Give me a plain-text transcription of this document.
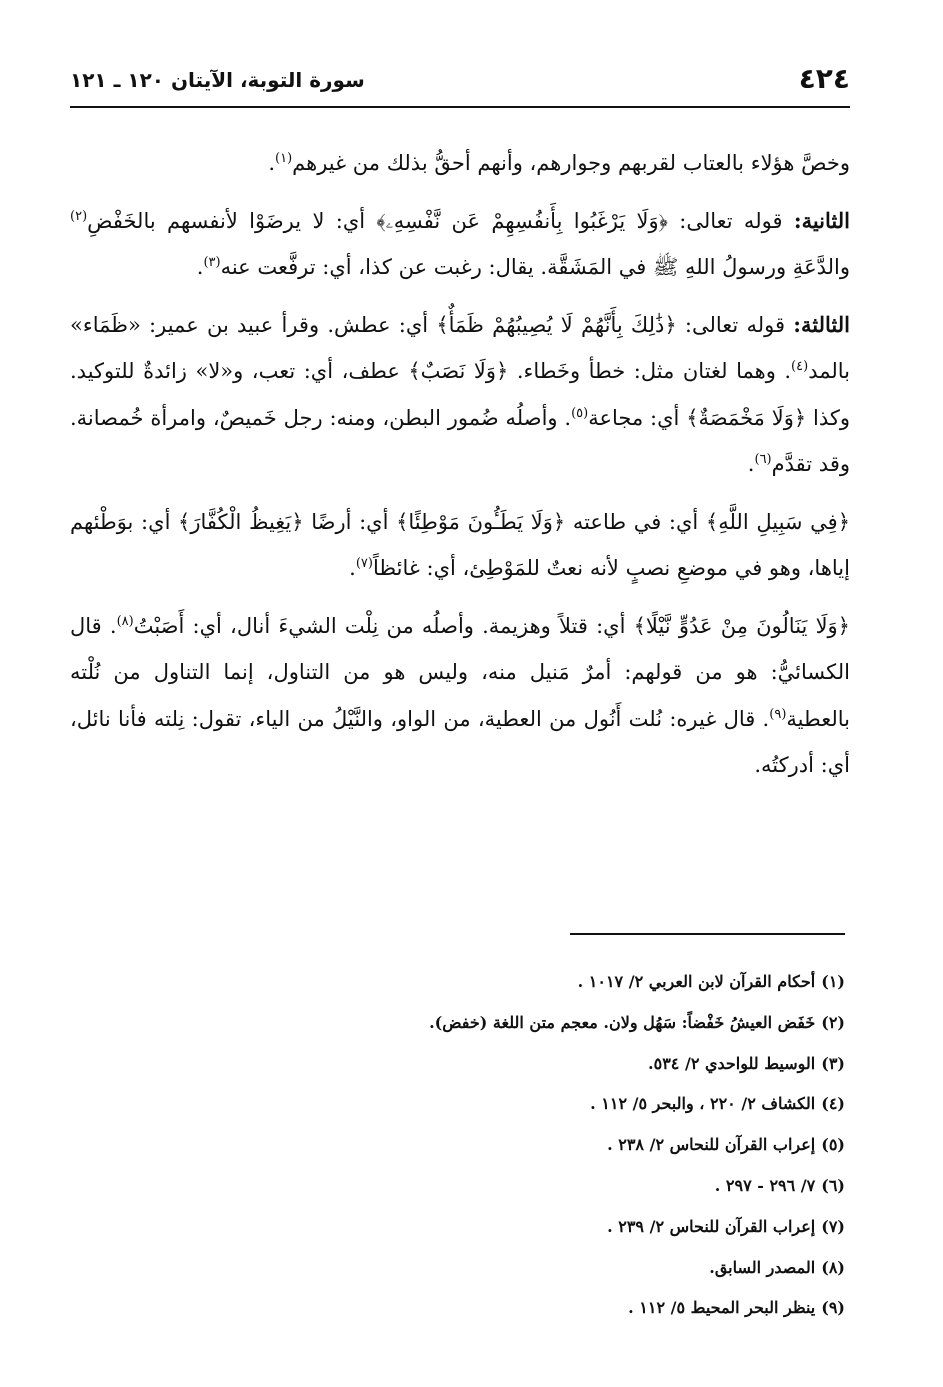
٤٢٤
سورة التوبة، الآيتان ١٢٠ ـ ١٢١

وخصَّ هؤلاء بالعتاب لقربهم وجوارهم، وأنهم أحقُّ بذلك من غيرهم$^{(١)}$.

الثانية: قوله تعالى: ﴿وَلَا يَرْغَبُوا بِأَنفُسِهِمْ عَن نَّفْسِهِۦ﴾ أي: لا يرضَوْا لأنفسهم بالخَفْضِ$^{(٢)}$ والدَّعَةِ ورسولُ اللهِ ﷺ في المَشَقَّة. يقال: رغبت عن كذا، أي: ترفَّعت عنه$^{(٣)}$.

الثالثة: قوله تعالى: ﴿ذَٰلِكَ بِأَنَّهُمْ لَا يُصِيبُهُمْ ظَمَأٌ﴾ أي: عطش. وقرأ عبيد بن عمير: «ظَمَاء» بالمد$^{(٤)}$. وهما لغتان مثل: خطأ وخَطاء. ﴿وَلَا نَصَبٌ﴾ عطف، أي: تعب، و«لا» زائدةٌ للتوكيد. وكذا ﴿وَلَا مَخْمَصَةٌ﴾ أي: مجاعة$^{(٥)}$. وأصلُه ضُمور البطن، ومنه: رجل خَميصٌ، وامرأة خُمصانة. وقد تقدَّم$^{(٦)}$.

﴿فِي سَبِيلِ اللَّهِ﴾ أي: في طاعته ﴿وَلَا يَطَـُٔونَ مَوْطِئًا﴾ أي: أرضًا ﴿يَغِيظُ الْكُفَّارَ﴾ أي: بوَطْئهم إياها، وهو في موضعِ نصبٍ لأنه نعتٌ للمَوْطِئ، أي: غائظاً$^{(٧)}$.

﴿وَلَا يَنَالُونَ مِنْ عَدُوٍّ نَّيْلًا﴾ أي: قتلاً وهزيمة. وأصلُه من نِلْت الشيءَ أنال، أي: أَصَبْتُ$^{(٨)}$. قال الكسائيُّ: هو من قولهم: أمرٌ مَنيل منه، وليس هو من التناول، إنما التناول من نُلْته بالعطية$^{(٩)}$. قال غيره: نُلت أَنُول من العطية، من الواو، والنَّيْلُ من الياء، تقول: نِلته فأنا نائل، أي: أدركتُه.

(١)أحكام القرآن لابن العربي ٢/ ١٠١٧ .
(٢)خَفَض العيشُ خَفْضاً: سَهُل ولان. معجم متن اللغة (خفض).
(٣)الوسيط للواحدي ٢/ ٥٣٤.
(٤)الكشاف ٢/ ٢٢٠ ، والبحر ٥/ ١١٢ .
(٥)إعراب القرآن للنحاس ٢/ ٢٣٨ .
(٦)٧/ ٢٩٦ - ٢٩٧ .
(٧)إعراب القرآن للنحاس ٢/ ٢٣٩ .
(٨)المصدر السابق.
(٩)ينظر البحر المحيط ٥/ ١١٢ .
